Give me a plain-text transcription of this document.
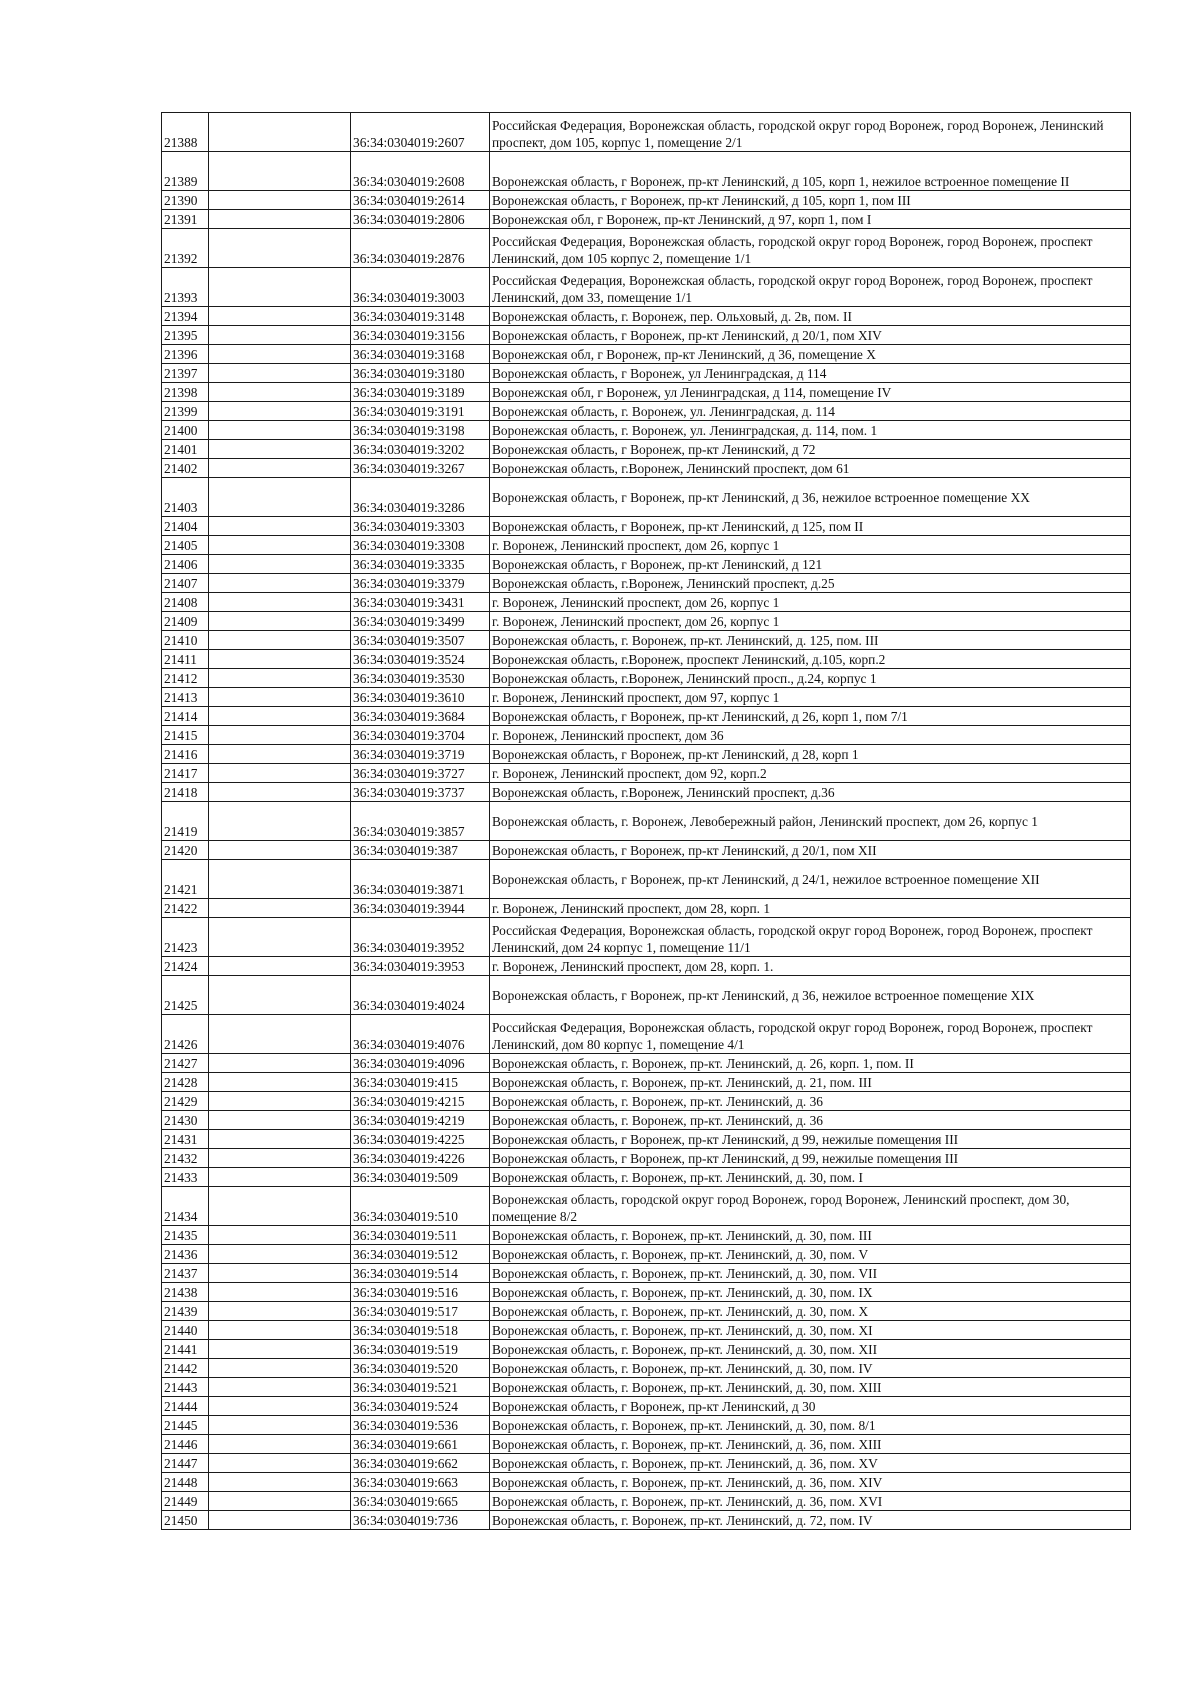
21388		36:34:0304019:2607	Российская Федерация, Воронежская область, городской округ город Воронеж, город Воронеж, Ленинский проспект, дом 105, корпус 1, помещение 2/1
21389		36:34:0304019:2608	Воронежская область, г Воронеж, пр-кт Ленинский, д 105, корп 1, нежилое встроенное помещение II
21390		36:34:0304019:2614	Воронежская область, г Воронеж, пр-кт Ленинский, д 105, корп 1, пом III
21391		36:34:0304019:2806	Воронежская обл, г Воронеж, пр-кт Ленинский, д 97, корп 1, пом I
21392		36:34:0304019:2876	Российская Федерация, Воронежская область, городской округ город Воронеж, город Воронеж, проспект Ленинский, дом 105 корпус 2, помещение 1/1
21393		36:34:0304019:3003	Российская Федерация, Воронежская область, городской округ город Воронеж, город Воронеж, проспект Ленинский, дом 33, помещение 1/1
21394		36:34:0304019:3148	Воронежская область, г. Воронеж, пер. Ольховый, д. 2в, пом. II
21395		36:34:0304019:3156	Воронежская область, г Воронеж, пр-кт Ленинский, д 20/1, пом XIV
21396		36:34:0304019:3168	Воронежская обл, г Воронеж, пр-кт Ленинский, д 36, помещение X
21397		36:34:0304019:3180	Воронежская область, г Воронеж, ул Ленинградская, д 114
21398		36:34:0304019:3189	Воронежская обл, г Воронеж, ул Ленинградская, д 114, помещение IV
21399		36:34:0304019:3191	Воронежская область, г. Воронеж, ул. Ленинградская, д. 114
21400		36:34:0304019:3198	Воронежская область, г. Воронеж, ул. Ленинградская, д. 114, пом. 1
21401		36:34:0304019:3202	Воронежская область, г Воронеж, пр-кт Ленинский, д 72
21402		36:34:0304019:3267	Воронежская область, г.Воронеж, Ленинский проспект, дом 61
21403		36:34:0304019:3286	Воронежская область, г Воронеж, пр-кт Ленинский, д 36, нежилое встроенное помещение XX
21404		36:34:0304019:3303	Воронежская область, г Воронеж, пр-кт Ленинский, д 125, пом II
21405		36:34:0304019:3308	г. Воронеж, Ленинский проспект, дом 26, корпус 1
21406		36:34:0304019:3335	Воронежская область, г Воронеж, пр-кт Ленинский, д 121
21407		36:34:0304019:3379	Воронежская область, г.Воронеж, Ленинский проспект, д.25
21408		36:34:0304019:3431	г. Воронеж, Ленинский проспект, дом 26, корпус 1
21409		36:34:0304019:3499	г. Воронеж, Ленинский проспект, дом 26, корпус 1
21410		36:34:0304019:3507	Воронежская область, г. Воронеж, пр-кт. Ленинский, д. 125, пом. III
21411		36:34:0304019:3524	Воронежская область, г.Воронеж, проспект Ленинский, д.105, корп.2
21412		36:34:0304019:3530	Воронежская область, г.Воронеж, Ленинский просп., д.24, корпус 1
21413		36:34:0304019:3610	г. Воронеж, Ленинский проспект, дом 97, корпус 1
21414		36:34:0304019:3684	Воронежская область, г Воронеж, пр-кт Ленинский, д 26, корп 1, пом 7/1
21415		36:34:0304019:3704	г. Воронеж, Ленинский проспект, дом 36
21416		36:34:0304019:3719	Воронежская область, г Воронеж, пр-кт Ленинский, д 28, корп 1
21417		36:34:0304019:3727	г. Воронеж, Ленинский проспект, дом 92, корп.2
21418		36:34:0304019:3737	Воронежская область, г.Воронеж, Ленинский проспект, д.36
21419		36:34:0304019:3857	Воронежская область, г. Воронеж, Левобережный район, Ленинский проспект, дом 26, корпус 1
21420		36:34:0304019:387	Воронежская область, г Воронеж, пр-кт Ленинский, д 20/1, пом XII
21421		36:34:0304019:3871	Воронежская область, г Воронеж, пр-кт Ленинский, д 24/1, нежилое встроенное помещение XII
21422		36:34:0304019:3944	г. Воронеж, Ленинский проспект, дом 28, корп. 1
21423		36:34:0304019:3952	Российская Федерация, Воронежская область, городской округ город Воронеж, город Воронеж, проспект Ленинский, дом 24 корпус 1, помещение 11/1
21424		36:34:0304019:3953	г. Воронеж, Ленинский проспект, дом 28, корп. 1.
21425		36:34:0304019:4024	Воронежская область, г Воронеж, пр-кт Ленинский, д 36, нежилое встроенное помещение XIX
21426		36:34:0304019:4076	Российская Федерация, Воронежская область, городской округ город Воронеж, город Воронеж, проспект Ленинский, дом 80 корпус 1, помещение 4/1
21427		36:34:0304019:4096	Воронежская область, г. Воронеж, пр-кт. Ленинский, д. 26, корп. 1, пом. II
21428		36:34:0304019:415	Воронежская область, г. Воронеж, пр-кт. Ленинский, д. 21, пом. III
21429		36:34:0304019:4215	Воронежская область, г. Воронеж, пр-кт. Ленинский, д. 36
21430		36:34:0304019:4219	Воронежская область, г. Воронеж, пр-кт. Ленинский, д. 36
21431		36:34:0304019:4225	Воронежская область, г Воронеж, пр-кт Ленинский, д 99, нежилые помещения III
21432		36:34:0304019:4226	Воронежская область, г Воронеж, пр-кт Ленинский, д 99, нежилые помещения III
21433		36:34:0304019:509	Воронежская область, г. Воронеж, пр-кт. Ленинский, д. 30, пом. I
21434		36:34:0304019:510	Воронежская область, городской округ город Воронеж, город Воронеж, Ленинский проспект, дом 30, помещение 8/2
21435		36:34:0304019:511	Воронежская область, г. Воронеж, пр-кт. Ленинский, д. 30, пом. III
21436		36:34:0304019:512	Воронежская область, г. Воронеж, пр-кт. Ленинский, д. 30, пом. V
21437		36:34:0304019:514	Воронежская область, г. Воронеж, пр-кт. Ленинский, д. 30, пом. VII
21438		36:34:0304019:516	Воронежская область, г. Воронеж, пр-кт. Ленинский, д. 30, пом. IX
21439		36:34:0304019:517	Воронежская область, г. Воронеж, пр-кт. Ленинский, д. 30, пом. X
21440		36:34:0304019:518	Воронежская область, г. Воронеж, пр-кт. Ленинский, д. 30, пом. XI
21441		36:34:0304019:519	Воронежская область, г. Воронеж, пр-кт. Ленинский, д. 30, пом. XII
21442		36:34:0304019:520	Воронежская область, г. Воронеж, пр-кт. Ленинский, д. 30, пом. IV
21443		36:34:0304019:521	Воронежская область, г. Воронеж, пр-кт. Ленинский, д. 30, пом. XIII
21444		36:34:0304019:524	Воронежская область, г Воронеж, пр-кт Ленинский, д 30
21445		36:34:0304019:536	Воронежская область, г. Воронеж, пр-кт. Ленинский, д. 30, пом. 8/1
21446		36:34:0304019:661	Воронежская область, г. Воронеж, пр-кт. Ленинский, д. 36, пом. XIII
21447		36:34:0304019:662	Воронежская область, г. Воронеж, пр-кт. Ленинский, д. 36, пом. XV
21448		36:34:0304019:663	Воронежская область, г. Воронеж, пр-кт. Ленинский, д. 36, пом. XIV
21449		36:34:0304019:665	Воронежская область, г. Воронеж, пр-кт. Ленинский, д. 36, пом. XVI
21450		36:34:0304019:736	Воронежская область, г. Воронеж, пр-кт. Ленинский, д. 72, пом. IV
